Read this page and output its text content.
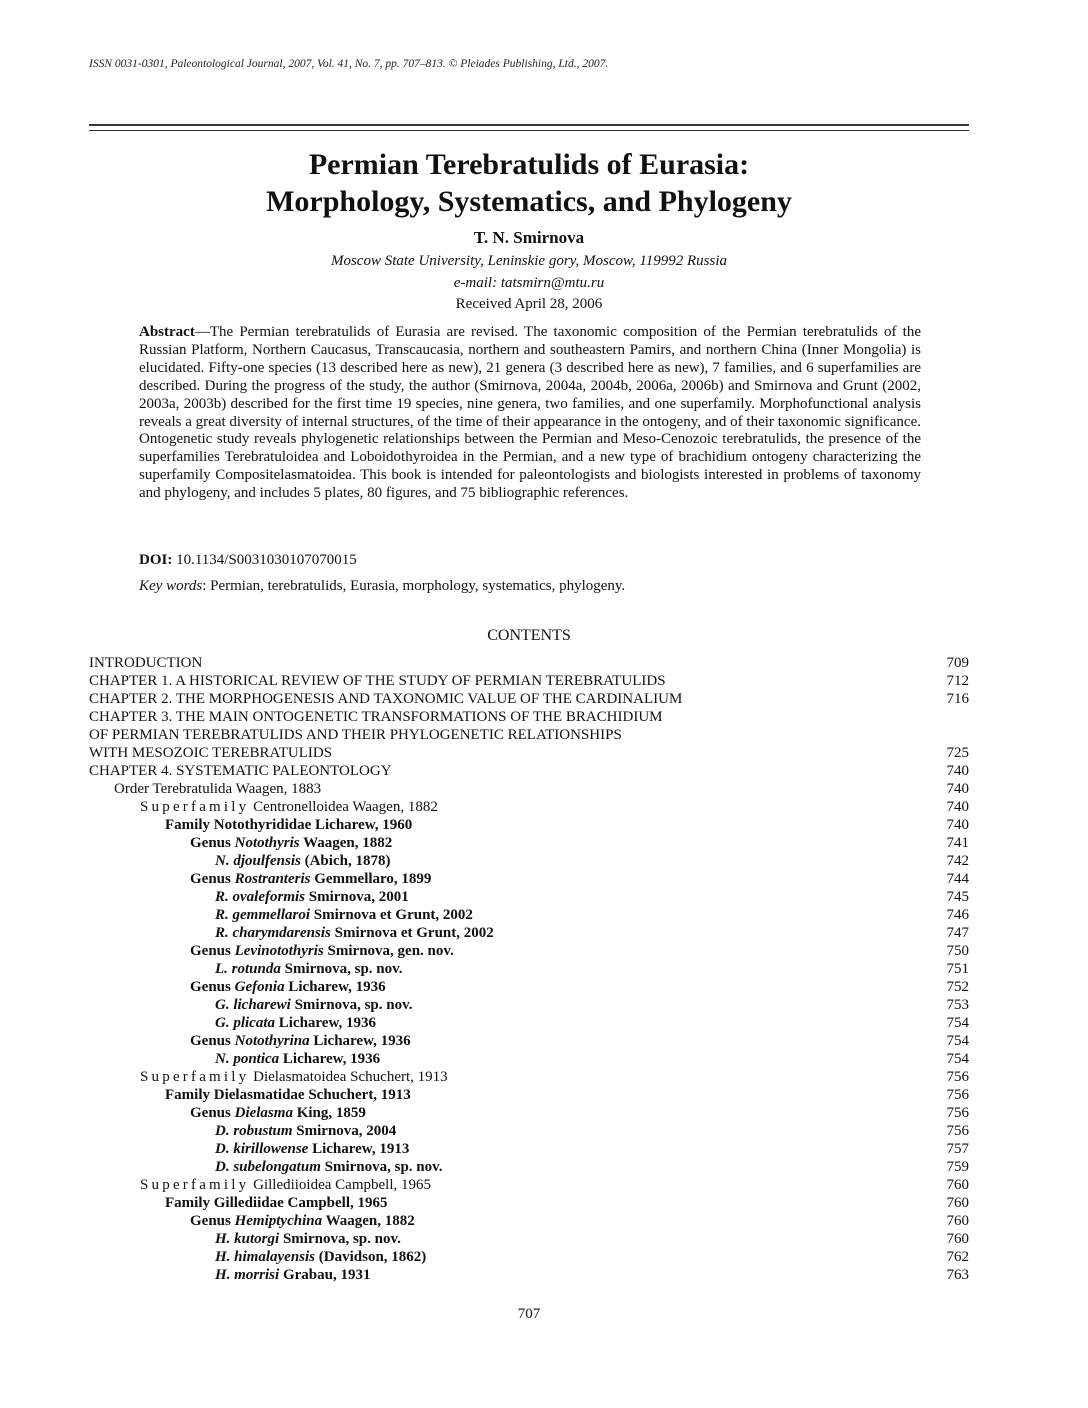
ISSN 0031-0301, Paleontological Journal, 2007, Vol. 41, No. 7, pp. 707–813. © Pleiades Publishing, Ltd., 2007.
Permian Terebratulids of Eurasia:
Morphology, Systematics, and Phylogeny
T. N. Smirnova
Moscow State University, Leninskie gory, Moscow, 119992 Russia
e-mail: tatsmirn@mtu.ru
Received April 28, 2006

Abstract—The Permian terebratulids of Eurasia are revised. The taxonomic composition of the Permian terebratulids of the Russian Platform, Northern Caucasus, Transcaucasia, northern and southeastern Pamirs, and northern China (Inner Mongolia) is elucidated. Fifty-one species (13 described here as new), 21 genera (3 described here as new), 7 families, and 6 superfamilies are described. During the progress of the study, the author (Smirnova, 2004a, 2004b, 2006a, 2006b) and Smirnova and Grunt (2002, 2003a, 2003b) described for the first time 19 species, nine genera, two families, and one superfamily. Morphofunctional analysis reveals a great diversity of internal structures, of the time of their appearance in the ontogeny, and of their taxonomic significance. Ontogenetic study reveals phylogenetic relationships between the Permian and Meso-Cenozoic terebratulids, the presence of the superfamilies Terebratuloidea and Loboidothyroidea in the Permian, and a new type of brachidium ontogeny characterizing the superfamily Compositelasmatoidea. This book is intended for paleontologists and biologists interested in problems of taxonomy and phylogeny, and includes 5 plates, 80 figures, and 75 bibliographic references.

DOI: 10.1134/S0031030107070015
Key words: Permian, terebratulids, Eurasia, morphology, systematics, phylogeny.
CONTENTS
INTRODUCTION	709
CHAPTER 1. A HISTORICAL REVIEW OF THE STUDY OF PERMIAN TEREBRATULIDS	712
CHAPTER 2. THE MORPHOGENESIS AND TAXONOMIC VALUE OF THE CARDINALIUM	716
CHAPTER 3. THE MAIN ONTOGENETIC TRANSFORMATIONS OF THE BRACHIDIUM
OF PERMIAN TEREBRATULIDS AND THEIR PHYLOGENETIC RELATIONSHIPS
WITH MESOZOIC TEREBRATULIDS	725
CHAPTER 4. SYSTEMATIC PALEONTOLOGY	740
Order Terebratulida Waagen, 1883	740
Superfamily Centronelloidea Waagen, 1882	740
Family Notothyrididae Licharew, 1960	740
Genus Notothyris Waagen, 1882	741
N. djoulfensis (Abich, 1878)	742
Genus Rostranteris Gemmellaro, 1899	744
R. ovaleformis Smirnova, 2001	745
R. gemmellaroi Smirnova et Grunt, 2002	746
R. charymdarensis Smirnova et Grunt, 2002	747
Genus Levinotothyris Smirnova, gen. nov.	750
L. rotunda Smirnova, sp. nov.	751
Genus Gefonia Licharew, 1936	752
G. licharewi Smirnova, sp. nov.	753
G. plicata Licharew, 1936	754
Genus Notothyrina Licharew, 1936	754
N. pontica Licharew, 1936	754
Superfamily Dielasmatoidea Schuchert, 1913	756
Family Dielasmatidae Schuchert, 1913	756
Genus Dielasma King, 1859	756
D. robustum Smirnova, 2004	756
D. kirillowense Licharew, 1913	757
D. subelongatum Smirnova, sp. nov.	759
Superfamily Gillediioidea Campbell, 1965	760
Family Gillediidae Campbell, 1965	760
Genus Hemiptychina Waagen, 1882	760
H. kutorgi Smirnova, sp. nov.	760
H. himalayensis (Davidson, 1862)	762
H. morrisi Grabau, 1931	763
707
